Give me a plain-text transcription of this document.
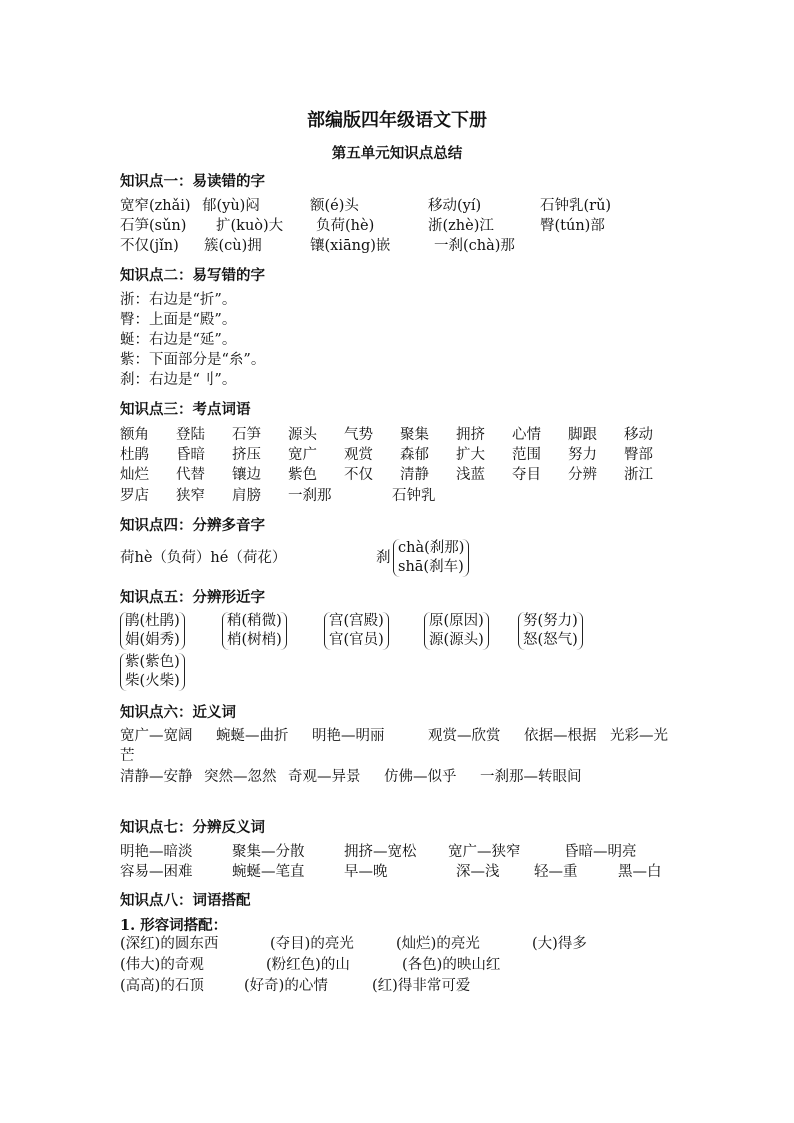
部编版四年级语文下册
第五单元知识点总结
知识点一：易读错的字
宽窄(zhǎi) 郁(yù)闷	额(é)头	移动(yí)	石钟乳(rǔ)
石笋(sǔn) 扩(kuò)大 负荷(hè)	浙(zhè)江	臀(tún)部
不仅(jǐn) 簇(cù)拥	镶(xiāng)嵌	一刹(chà)那
知识点二：易写错的字
浙：右边是“折”。
臀：上面是“殿”。
蜒：右边是“延”。
紫：下面部分是“糸”。
刹：右边是“刂”。
知识点三：考点词语
额角 登陆 石笋 源头 气势 聚集 拥挤 心情 脚跟 移动
杜鹃 昏暗 挤压 宽广 观赏 森郁 扩大 范围 努力 臀部
灿烂 代替 镶边 紫色 不仅 清静 浅蓝 夺目 分辨 浙江
罗店 狭窄 肩膀 一刹那	石钟乳
知识点四：分辨多音字
荷hè（负荷）hé（荷花）	刹
chà(刹那)
shā(刹车)
知识点五：分辨形近字
鹃(杜鹃)
娟(娟秀)
稍(稍微)
梢(树梢)
宫(宫殿)
官(官员)
原(原因)
源(源头)
努(努力)
怒(怒气)
紫(紫色)
柴(火柴)
知识点六：近义词
宽广—宽阔 蜿蜒—曲折 明艳—明丽	观赏—欣赏 依据—根据 光彩—光
芒
清静—安静 突然—忽然 奇观—异景 仿佛—似乎 一刹那—转眼间
知识点七：分辨反义词
明艳—暗淡	聚集—分散	拥挤—宽松 宽广—狭窄	昏暗—明亮
容易—困难	蜿蜒—笔直	早—晚	深—浅 轻—重	黑—白
知识点八：词语搭配
1. 形容词搭配：
(深红)的圆东西	(夺目)的亮光	(灿烂)的亮光	(大)得多
(伟大)的奇观	(粉红色)的山	(各色)的映山红
(高高)的石顶	(好奇)的心情	(红)得非常可爱
